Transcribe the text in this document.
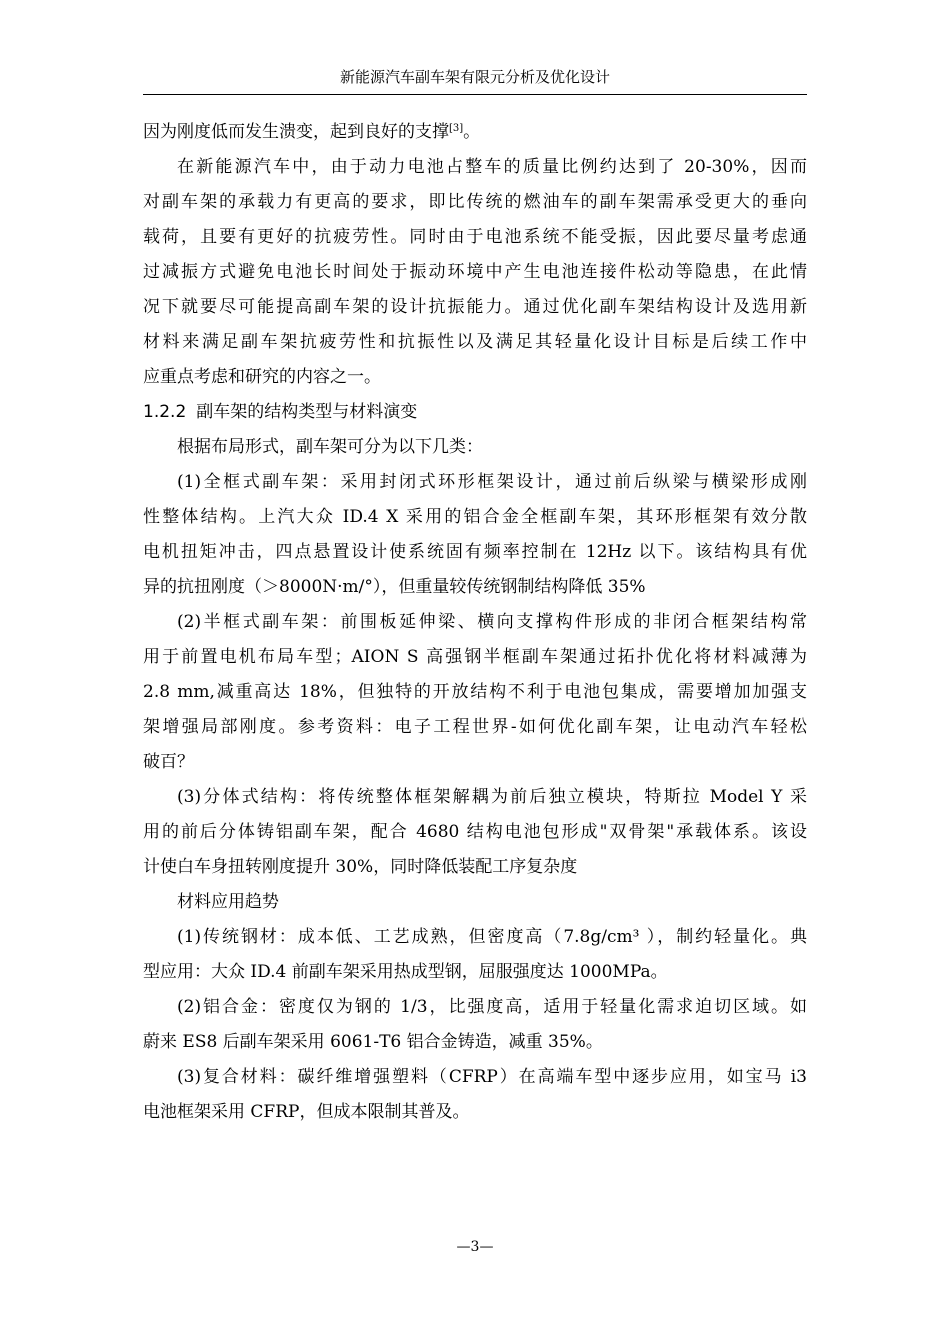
新能源汽车副车架有限元分析及优化设计
因为刚度低而发生溃变，起到良好的支撑[3]。
在新能源汽车中，由于动力电池占整车的质量比例约达到了 20-30%，因而
对副车架的承载力有更高的要求，即比传统的燃油车的副车架需承受更大的垂向
载荷，且要有更好的抗疲劳性。同时由于电池系统不能受振，因此要尽量考虑通
过减振方式避免电池长时间处于振动环境中产生电池连接件松动等隐患，在此情
况下就要尽可能提高副车架的设计抗振能力。通过优化副车架结构设计及选用新
材料来满足副车架抗疲劳性和抗振性以及满足其轻量化设计目标是后续工作中
应重点考虑和研究的内容之一。
1.2.2 副车架的结构类型与材料演变
根据布局形式，副车架可分为以下几类：
(1)全框式副车架：采用封闭式环形框架设计，通过前后纵梁与横梁形成刚
性整体结构。上汽大众 ID.4 X 采用的铝合金全框副车架，其环形框架有效分散
电机扭矩冲击，四点悬置设计使系统固有频率控制在 12Hz 以下。该结构具有优
异的抗扭刚度（＞8000N·m/°），但重量较传统钢制结构降低 35%
(2)半框式副车架：前围板延伸梁、横向支撑构件形成的非闭合框架结构常
用于前置电机布局车型；AION S 高强钢半框副车架通过拓扑优化将材料减薄为
2.8 mm,减重高达 18%，但独特的开放结构不利于电池包集成，需要增加加强支
架增强局部刚度。参考资料：电子工程世界-如何优化副车架，让电动汽车轻松
破百？
(3)分体式结构：将传统整体框架解耦为前后独立模块，特斯拉 Model Y 采
用的前后分体铸铝副车架，配合 4680 结构电池包形成"双骨架"承载体系。该设
计使白车身扭转刚度提升 30%，同时降低装配工序复杂度
材料应用趋势
(1)传统钢材：成本低、工艺成熟，但密度高（7.8g/cm³ ），制约轻量化。典
型应用：大众 ID.4 前副车架采用热成型钢，屈服强度达 1000MPa。
(2)铝合金：密度仅为钢的 1/3，比强度高，适用于轻量化需求迫切区域。如
蔚来 ES8 后副车架采用 6061-T6 铝合金铸造，减重 35%。
(3)复合材料：碳纤维增强塑料（CFRP）在高端车型中逐步应用，如宝马 i3
电池框架采用 CFRP，但成本限制其普及。
—3—
